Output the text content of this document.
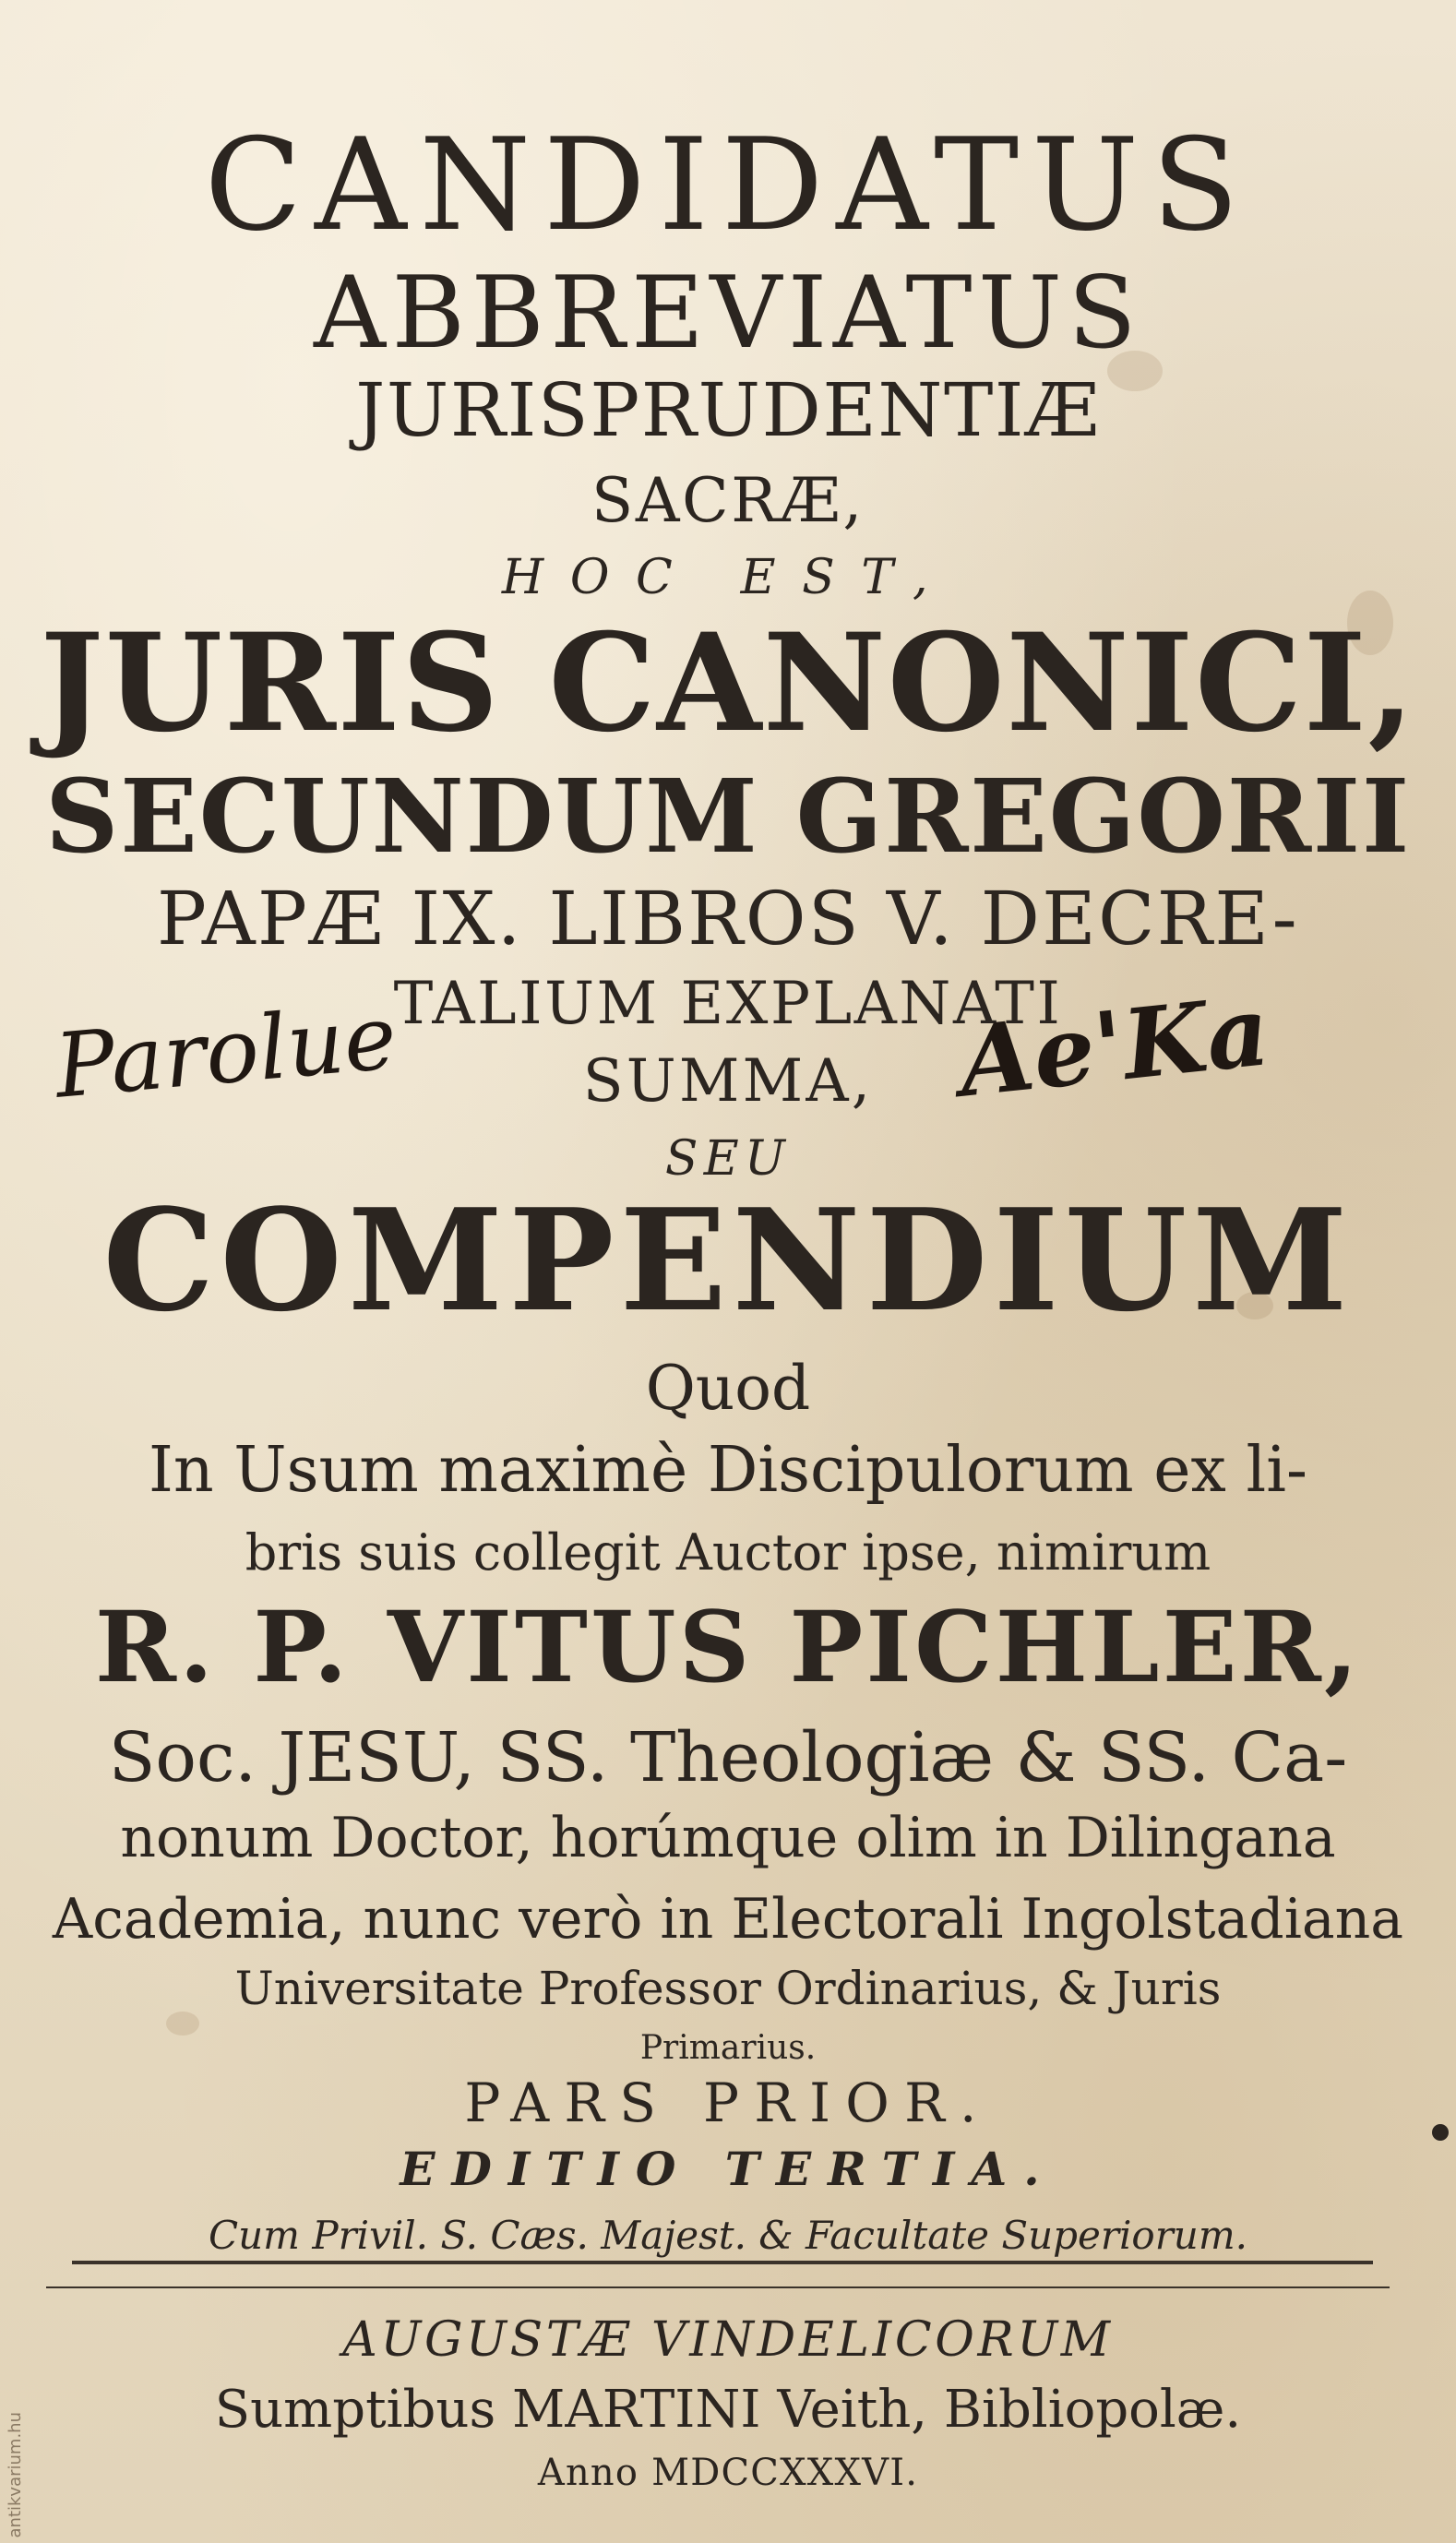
CANDIDATUS
ABBREVIATUS
JURISPRUDENTIÆ
SACRÆ,
HOC EST,
JURIS CANONICI,
SECUNDUM GREGORII
PAPÆ IX. LIBROS V. DECRE-
TALIUM EXPLANATI
SUMMA,
SEU
COMPENDIUM
Quod
In Usum maximè Discipulorum ex li-
bris suis collegit Auctor ipse, nimirum
R. P. VITUS PICHLER,
Soc. JESU, SS. Theologiæ & SS. Ca-
nonum Doctor, horúmque olim in Dilingana
Academia, nunc verò in Electorali Ingolstadiana
Universitate Professor Ordinarius, & Juris
Primarius.
PARS PRIOR.
EDITIO TERTIA.
Cum Privil. S. Cæs. Majest. & Facultate Superiorum.
AUGUSTÆ VINDELICORUM
Sumptibus MARTINI Veith, Bibliopolæ.
Anno MDCCXXXVI.
Parolue	Ae'Ka
antikvarium.hu
